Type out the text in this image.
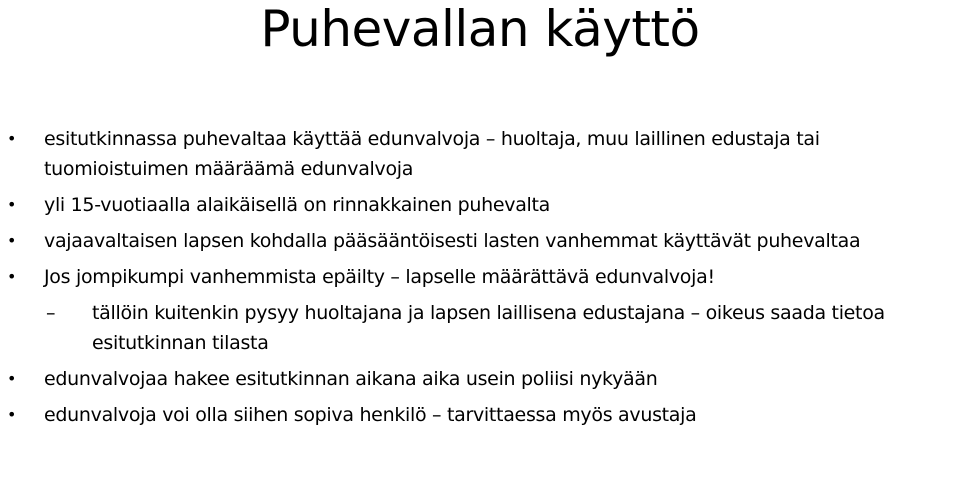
Puhevallan käyttö
• esitutkinnassa puhevaltaa käyttää edunvalvoja – huoltaja, muu laillinen edustaja tai tuomioistuimen määräämä edunvalvoja
• yli 15-vuotiaalla alaikäisellä on rinnakkainen puhevalta
• vajaavaltaisen lapsen kohdalla pääsääntöisesti lasten vanhemmat käyttävät puhevaltaa
• Jos jompikumpi vanhemmista epäilty – lapselle määrättävä edunvalvoja!
– tällöin kuitenkin pysyy huoltajana ja lapsen laillisena edustajana – oikeus saada tietoa esitutkinnan tilasta
• edunvalvojaa hakee esitutkinnan aikana aika usein poliisi nykyään
• edunvalvoja voi olla siihen sopiva henkilö – tarvittaessa myös avustaja
